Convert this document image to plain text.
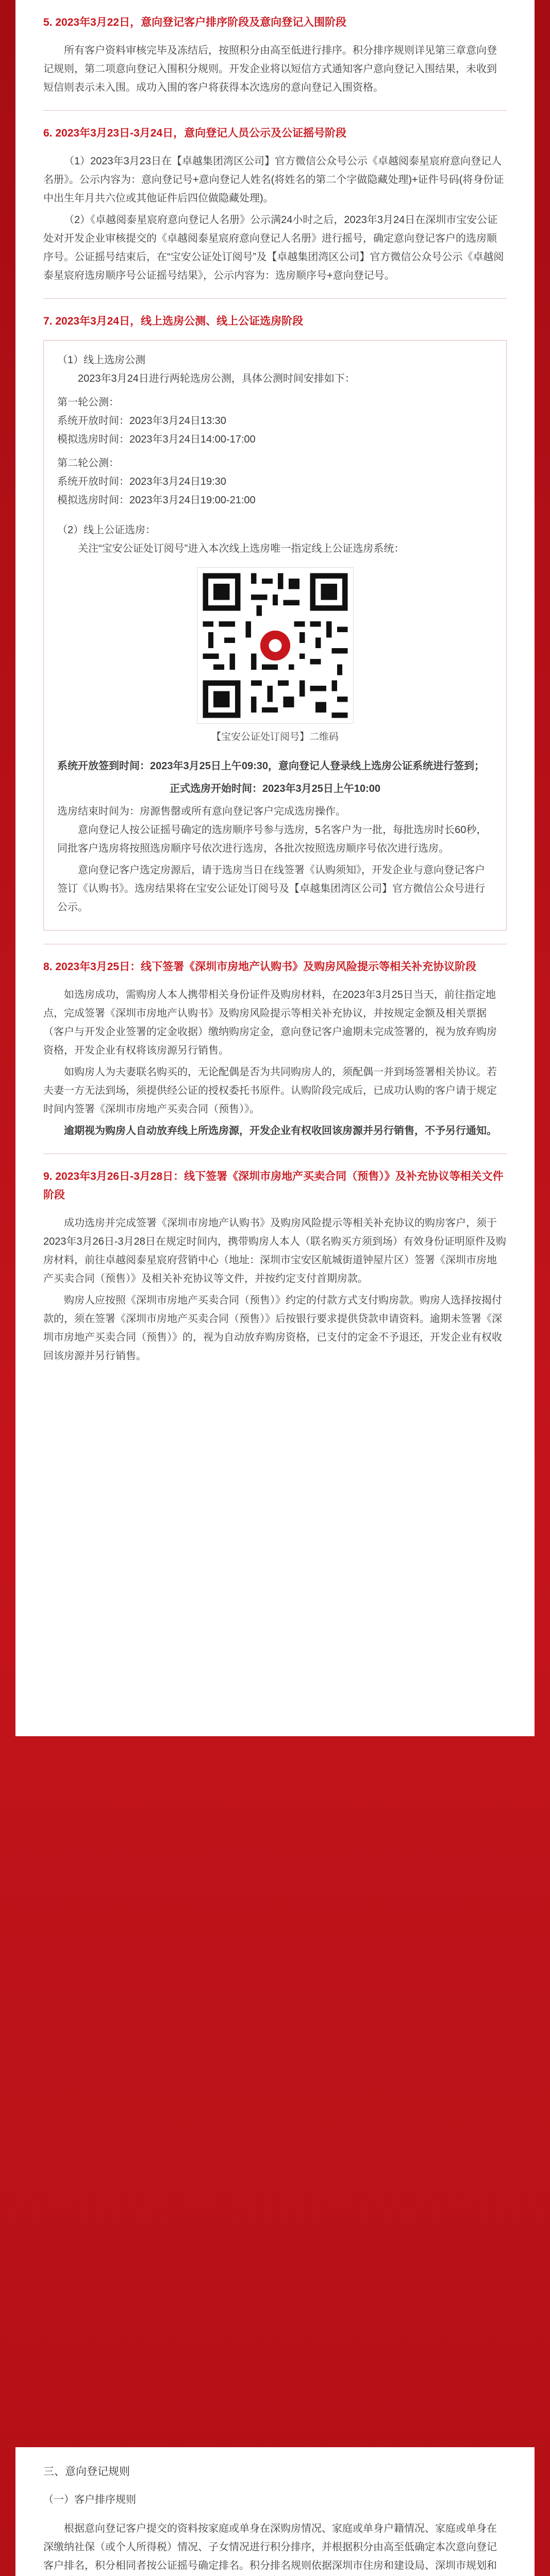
5. 2023年3月22日，意向登记客户排序阶段及意向登记入围阶段

所有客户资料审核完毕及冻结后，按照积分由高至低进行排序。积分排序规则详见第三章意向登记规则，第二项意向登记入围积分规则。开发企业将以短信方式通知客户意向登记入围结果，未收到短信则表示未入围。成功入围的客户将获得本次选房的意向登记入围资格。

6. 2023年3月23日-3月24日，意向登记人员公示及公证摇号阶段

（1）2023年3月23日在【卓越集团湾区公司】官方微信公众号公示《卓越阅泰星宸府意向登记人名册》。公示内容为：意向登记号+意向登记人姓名(将姓名的第二个字做隐藏处理)+证件号码(将身份证中出生年月共六位或其他证件后四位做隐藏处理)。

（2）《卓越阅泰星宸府意向登记人名册》公示满24小时之后，2023年3月24日在深圳市宝安公证处对开发企业审核提交的《卓越阅泰星宸府意向登记人名册》进行摇号，确定意向登记客户的选房顺序号。公证摇号结束后，在“宝安公证处订阅号”及【卓越集团湾区公司】官方微信公众号公示《卓越阅泰星宸府选房顺序号公证摇号结果》，公示内容为：选房顺序号+意向登记号。

7. 2023年3月24日，线上选房公测、线上公证选房阶段

（1）线上选房公测

2023年3月24日进行两轮选房公测，具体公测时间安排如下：

第一轮公测：

系统开放时间：2023年3月24日13:30

模拟选房时间：2023年3月24日14:00-17:00

第二轮公测：

系统开放时间：2023年3月24日19:30

模拟选房时间：2023年3月24日19:00-21:00

（2）线上公证选房：

关注“宝安公证处订阅号”进入本次线上选房唯一指定线上公证选房系统：

【宝安公证处订阅号】二维码

系统开放签到时间：2023年3月25日上午09:30，意向登记人登录线上选房公证系统进行签到；

正式选房开始时间：2023年3月25日上午10:00

选房结束时间为：房源售罄或所有意向登记客户完成选房操作。

意向登记人按公证摇号确定的选房顺序号参与选房，5名客户为一批，每批选房时长60秒，同批客户选房将按照选房顺序号依次进行选房，各批次按照选房顺序号依次进行选房。

意向登记客户选定房源后，请于选房当日在线签署《认购须知》，开发企业与意向登记客户签订《认购书》。选房结果将在宝安公证处订阅号及【卓越集团湾区公司】官方微信公众号进行公示。

8. 2023年3月25日：线下签署《深圳市房地产认购书》及购房风险提示等相关补充协议阶段

如选房成功，需购房人本人携带相关身份证件及购房材料，在2023年3月25日当天，前往指定地点，完成签署《深圳市房地产认购书》及购房风险提示等相关补充协议，并按规定金额及相关票据（客户与开发企业签署的定金收据）缴纳购房定金，意向登记客户逾期未完成签署的，视为放弃购房资格，开发企业有权将该房源另行销售。

如购房人为夫妻联名购买的，无论配偶是否为共同购房人的，须配偶一并到场签署相关协议。若夫妻一方无法到场，须提供经公证的授权委托书原件。认购阶段完成后，已成功认购的客户请于规定时间内签署《深圳市房地产买卖合同（预售）》。

逾期视为购房人自动放弃线上所选房源，开发企业有权收回该房源并另行销售，不予另行通知。

9. 2023年3月26日-3月28日：线下签署《深圳市房地产买卖合同（预售）》及补充协议等相关文件阶段

成功选房并完成签署《深圳市房地产认购书》及购房风险提示等相关补充协议的购房客户，须于2023年3月26日-3月28日在规定时间内，携带购房人本人（联名购买方须到场）有效身份证明原件及购房材料，前往卓越阅泰星宸府营销中心（地址：深圳市宝安区航城街道钟屋片区）签署《深圳市房地产买卖合同（预售）》及相关补充协议等文件，并按约定支付首期房款。

购房人应按照《深圳市房地产买卖合同（预售）》约定的付款方式支付购房款。购房人选择按揭付款的，须在签署《深圳市房地产买卖合同（预售）》后按银行要求提供贷款申请资料。逾期未签署《深圳市房地产买卖合同（预售）》的，视为自动放弃购房资格，已支付的定金不予退还，开发企业有权收回该房源并另行销售。

三、意向登记规则

（一）客户排序规则

根据意向登记客户提交的资料按家庭或单身在深购房情况、家庭或单身户籍情况、家庭或单身在深缴纳社保（或个人所得税）情况、子女情况进行积分排序，并根据积分由高至低确定本次意向登记客户排名，积分相同者按公证摇号确定排名。积分排名规则依据深圳市住房和建设局、深圳市规划和
